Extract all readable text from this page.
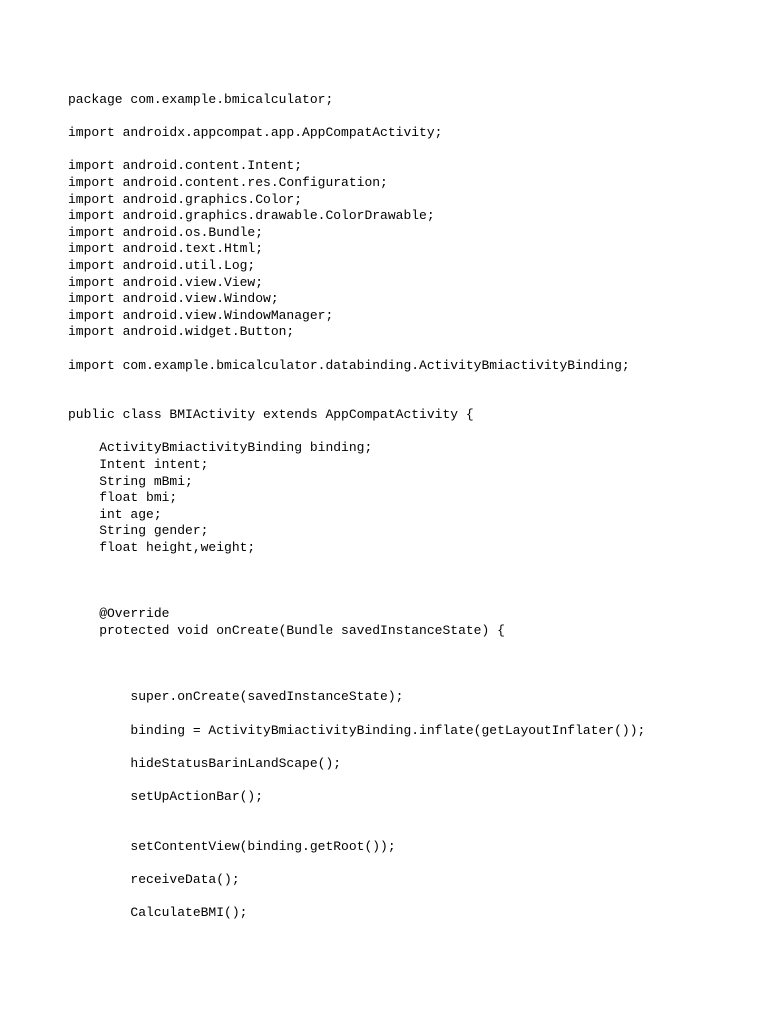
package com.example.bmicalculator;
import androidx.appcompat.app.AppCompatActivity;
import android.content.Intent;
import android.content.res.Configuration;
import android.graphics.Color;
import android.graphics.drawable.ColorDrawable;
import android.os.Bundle;
import android.text.Html;
import android.util.Log;
import android.view.View;
import android.view.Window;
import android.view.WindowManager;
import android.widget.Button;
import com.example.bmicalculator.databinding.ActivityBmiactivityBinding;
public class BMIActivity extends AppCompatActivity {
ActivityBmiactivityBinding binding;
Intent intent;
String mBmi;
float bmi;
int age;
String gender;
float height,weight;
@Override
protected void onCreate(Bundle savedInstanceState) {
super.onCreate(savedInstanceState);
binding = ActivityBmiactivityBinding.inflate(getLayoutInflater());
hideStatusBarinLandScape();
setUpActionBar();
setContentView(binding.getRoot());
receiveData();
CalculateBMI();
